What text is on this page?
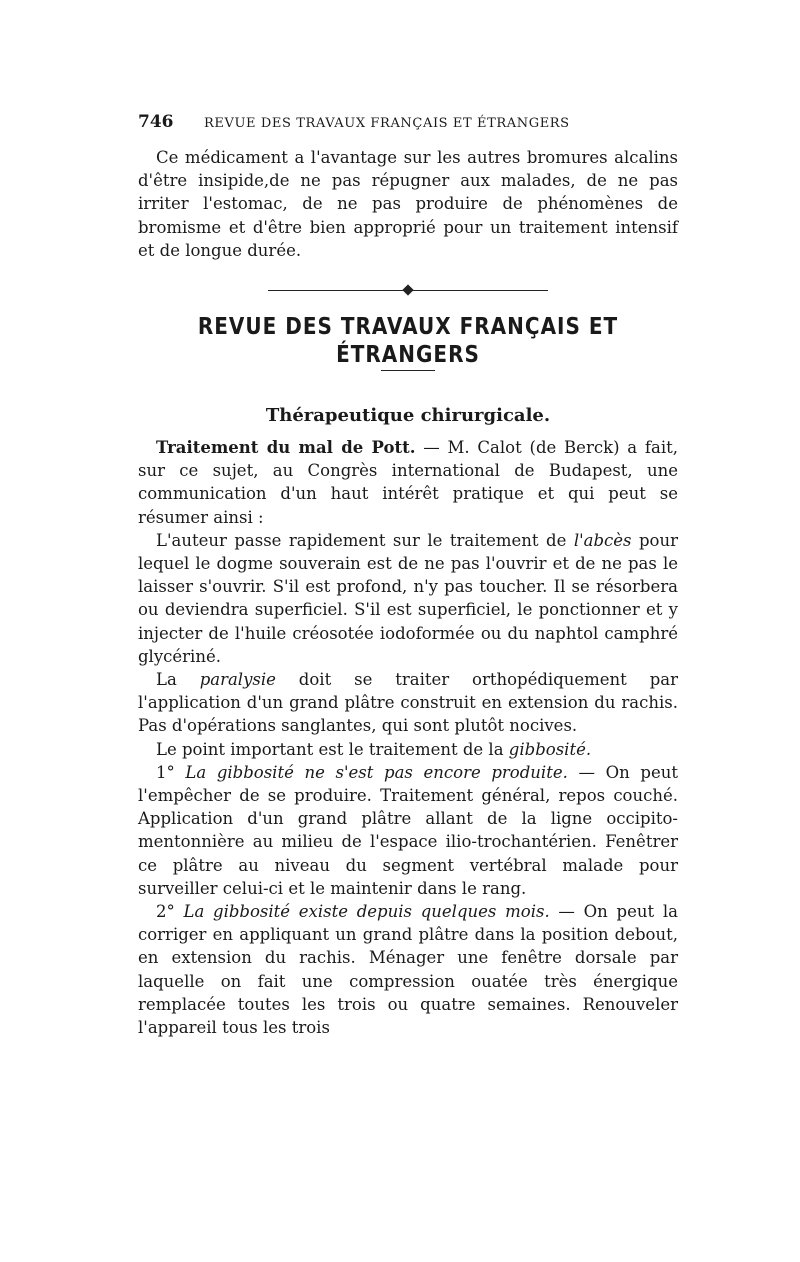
746	REVUE DES TRAVAUX FRANÇAIS ET ÉTRANGERS

Ce médicament a l'avantage sur les autres bromures alcalins d'être insipide,de ne pas répugner aux malades, de ne pas irriter l'estomac, de ne pas produire de phénomènes de bromisme et d'être bien approprié pour un traitement intensif et de longue durée.

REVUE DES TRAVAUX FRANÇAIS ET ÉTRANGERS
Thérapeutique chirurgicale.

Traitement du mal de Pott. — M. Calot (de Berck) a fait, sur ce sujet, au Congrès international de Budapest, une communication d'un haut intérêt pratique et qui peut se résumer ainsi :

L'auteur passe rapidement sur le traitement de l'abcès pour lequel le dogme souverain est de ne pas l'ouvrir et de ne pas le laisser s'ouvrir. S'il est profond, n'y pas toucher. Il se résorbera ou deviendra superficiel. S'il est superficiel, le ponctionner et y injecter de l'huile créosotée iodoformée ou du naphtol camphré glycériné.

La paralysie doit se traiter orthopédiquement par l'application d'un grand plâtre construit en extension du rachis. Pas d'opérations sanglantes, qui sont plutôt nocives.

Le point important est le traitement de la gibbosité.

1° La gibbosité ne s'est pas encore produite. — On peut l'empêcher de se produire. Traitement général, repos couché. Application d'un grand plâtre allant de la ligne occipito-mentonnière au milieu de l'espace ilio-trochantérien. Fenêtrer ce plâtre au niveau du segment vertébral malade pour surveiller celui-ci et le maintenir dans le rang.

2° La gibbosité existe depuis quelques mois. — On peut la corriger en appliquant un grand plâtre dans la position debout, en extension du rachis. Ménager une fenêtre dorsale par laquelle on fait une compression ouatée très énergique remplacée toutes les trois ou quatre semaines. Renouveler l'appareil tous les trois
